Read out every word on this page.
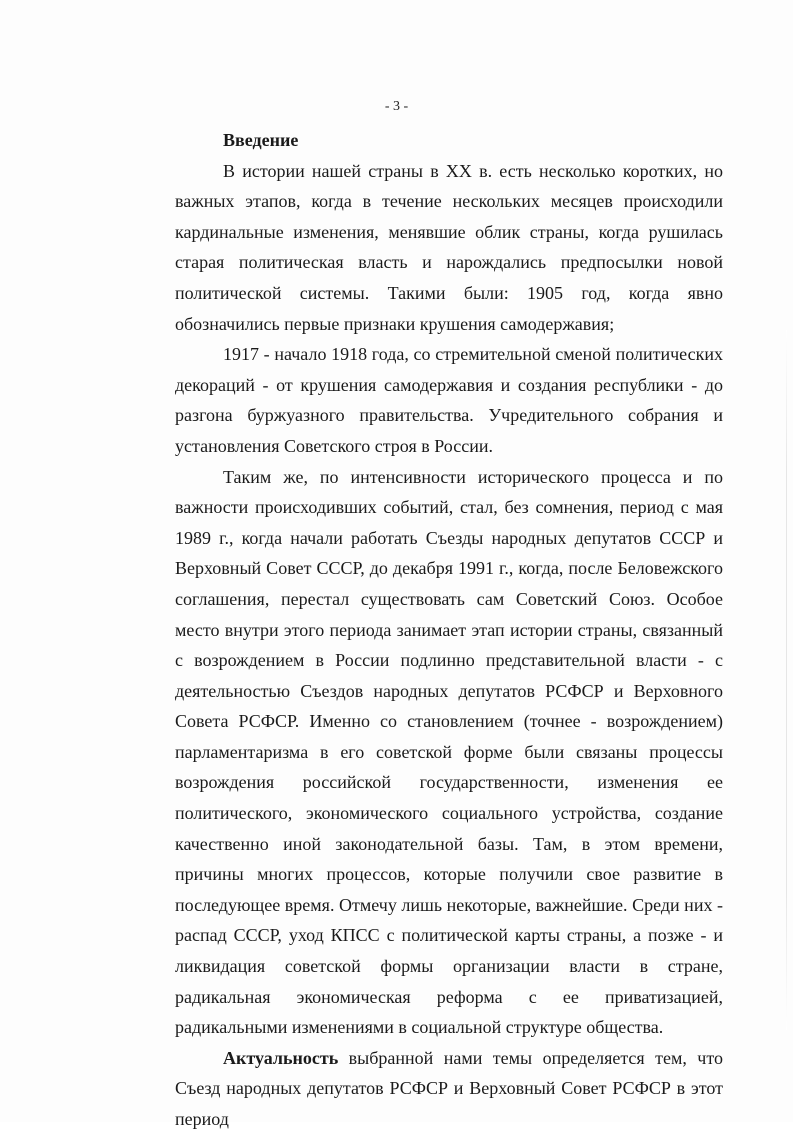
- 3 -

Введение

В истории нашей страны в XX в. есть несколько коротких, но важных этапов, когда в течение нескольких месяцев происходили кардинальные изменения, менявшие облик страны, когда рушилась старая политическая власть и нарождались предпосылки новой политической системы. Такими были: 1905 год, когда явно обозначились первые признаки крушения самодержавия;

1917 - начало 1918 года, со стремительной сменой политических декораций - от крушения самодержавия и создания республики - до разгона буржуазного правительства. Учредительного собрания и установления Советского строя в России.

Таким же, по интенсивности исторического процесса и по важности происходивших событий, стал, без сомнения, период с мая 1989 г., когда начали работать Съезды народных депутатов СССР и Верховный Совет СССР, до декабря 1991 г., когда, после Беловежского соглашения, перестал существовать сам Советский Союз. Особое место внутри этого периода занимает этап истории страны, связанный с возрождением в России подлинно представительной власти - с деятельностью Съездов народных депутатов РСФСР и Верховного Совета РСФСР. Именно со становлением (точнее - возрождением) парламентаризма в его советской форме были связаны процессы возрождения российской государственности, изменения ее политического, экономического социального устройства, создание качественно иной законодательной базы. Там, в этом времени, причины многих процессов, которые получили свое развитие в последующее время. Отмечу лишь некоторые, важнейшие. Среди них - распад СССР, уход КПСС с политической карты страны, а позже - и ликвидация советской формы организации власти в стране, радикальная экономическая реформа с ее приватизацией, радикальными изменениями в социальной структуре общества.

Актуальность выбранной нами темы определяется тем, что Съезд народных депутатов РСФСР и Верховный Совет РСФСР в этот период
